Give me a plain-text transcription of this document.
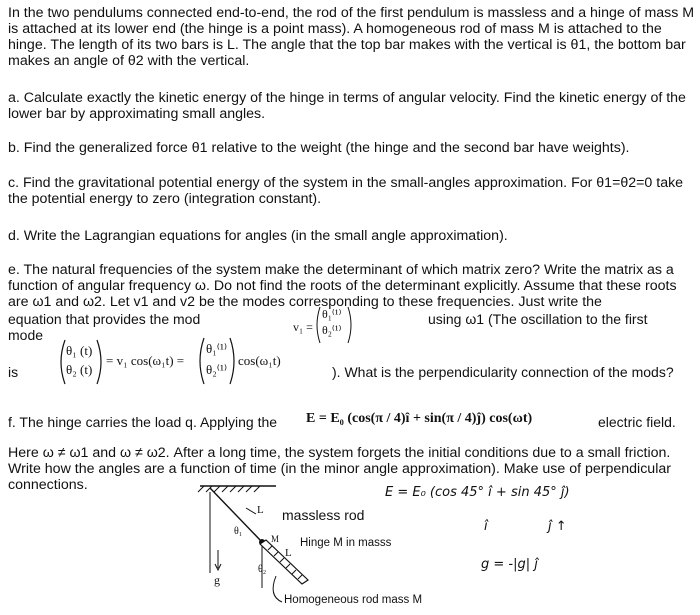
In the two pendulums connected end-to-end, the rod of the first pendulum is massless and a hinge of mass M is attached at its lower end (the hinge is a point mass). A homogeneous rod of mass M is attached to the hinge. The length of its two bars is L. The angle that the top bar makes with the vertical is θ1, the bottom bar makes an angle of θ2 with the vertical.

a. Calculate exactly the kinetic energy of the hinge in terms of angular velocity. Find the kinetic energy of the lower bar by approximating small angles.

b. Find the generalized force θ1 relative to the weight (the hinge and the second bar have weights).

c. Find the gravitational potential energy of the system in the small-angles approximation. For θ1=θ2=0 take the potential energy to zero (integration constant).

d. Write the Lagrangian equations for angles (in the small angle approximation).

e. The natural frequencies of the system make the determinant of which matrix zero? Write the matrix as a function of angular frequency ω. Do not find the roots of the determinant explicitly. Assume that these roots are ω1 and ω2. Let v1 and v2 be the modes corresponding to these frequencies. Just write the

equation that provides the mod	using ω1 (The oscillation to the first
mode	v₁ =
θ₁⁽¹⁾
θ₂⁽¹⁾
is
θ₁ (t)
θ₂ (t)
= v₁ cos(ω₁t) =
θ₁⁽¹⁾
θ₂⁽¹⁾
cos(ω₁t)
). What is the perpendicularity connection of the mods?
f. The hinge carries the load q. Applying the E = E₀ (cos(π / 4)î + sin(π / 4)ĵ) cos(ωt)	electric field.

Here ω ≠ ω1 and ω ≠ ω2. After a long time, the system forgets the initial conditions due to a small friction. Write how the angles are a function of time (in the minor angle approximation). Make use of perpendicular connections.

θ₁
θ₂
L
L
M
g
massless rod
Hinge M in masss
Homogeneous rod mass M
E = E₀ (cos 45° î + sin 45° ĵ)
î	ĵ ↑
g = -|g| ĵ
